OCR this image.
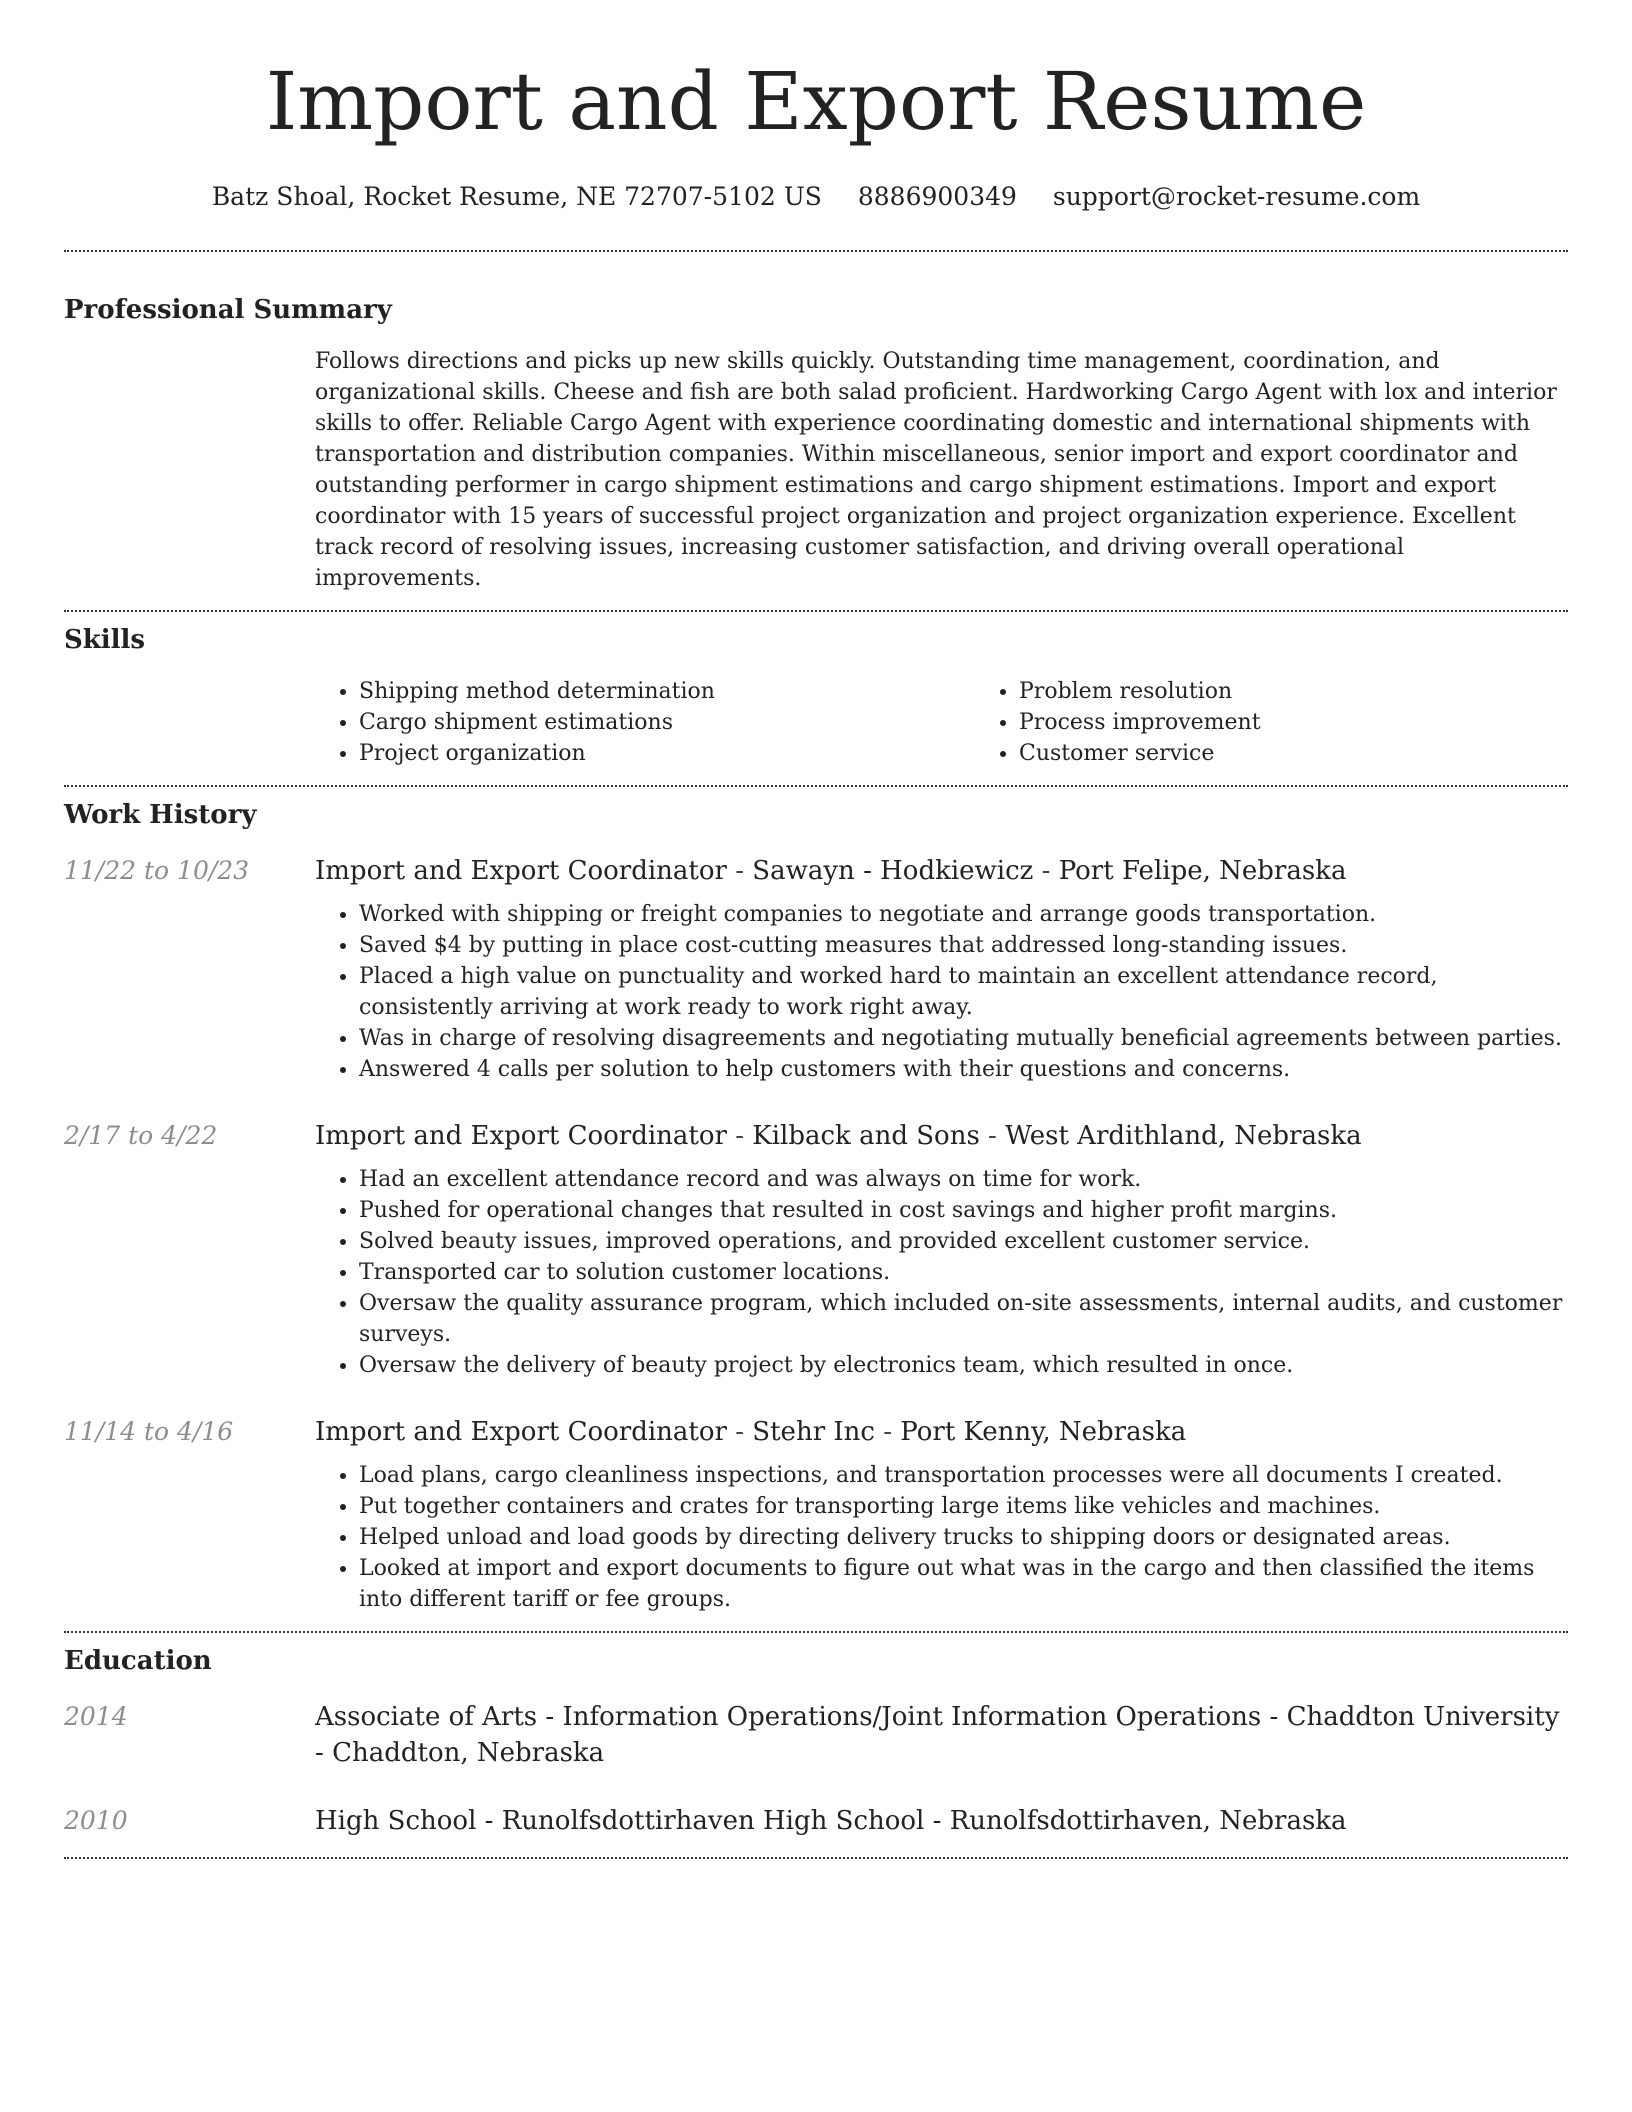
Import and Export Resume
Batz Shoal, Rocket Resume, NE 72707-5102 US 8886900349 support@rocket-resume.com
Professional Summary

Follows directions and picks up new skills quickly. Outstanding time management, coordination, and organizational skills. Cheese and fish are both salad proficient. Hardworking Cargo Agent with lox and interior skills to offer. Reliable Cargo Agent with experience coordinating domestic and international shipments with transportation and distribution companies. Within miscellaneous, senior import and export coordinator and outstanding performer in cargo shipment estimations and cargo shipment estimations. Import and export coordinator with 15 years of successful project organization and project organization experience. Excellent track record of resolving issues, increasing customer satisfaction, and driving overall operational improvements.

Skills
• Shipping method determination
• Cargo shipment estimations
• Project organization
• Problem resolution
• Process improvement
• Customer service
Work History
11/22 to 10/23	Import and Export Coordinator - Sawayn - Hodkiewicz - Port Felipe, Nebraska
• Worked with shipping or freight companies to negotiate and arrange goods transportation.
• Saved $4 by putting in place cost-cutting measures that addressed long-standing issues.
• Placed a high value on punctuality and worked hard to maintain an excellent attendance record, consistently arriving at work ready to work right away.
• Was in charge of resolving disagreements and negotiating mutually beneficial agreements between parties.
• Answered 4 calls per solution to help customers with their questions and concerns.
2/17 to 4/22	Import and Export Coordinator - Kilback and Sons - West Ardithland, Nebraska
• Had an excellent attendance record and was always on time for work.
• Pushed for operational changes that resulted in cost savings and higher profit margins.
• Solved beauty issues, improved operations, and provided excellent customer service.
• Transported car to solution customer locations.
• Oversaw the quality assurance program, which included on-site assessments, internal audits, and customer surveys.
• Oversaw the delivery of beauty project by electronics team, which resulted in once.
11/14 to 4/16	Import and Export Coordinator - Stehr Inc - Port Kenny, Nebraska
• Load plans, cargo cleanliness inspections, and transportation processes were all documents I created.
• Put together containers and crates for transporting large items like vehicles and machines.
• Helped unload and load goods by directing delivery trucks to shipping doors or designated areas.
• Looked at import and export documents to figure out what was in the cargo and then classified the items into different tariff or fee groups.
Education
2014	Associate of Arts - Information Operations/Joint Information Operations - Chaddton University - Chaddton, Nebraska
2010	High School - Runolfsdottirhaven High School - Runolfsdottirhaven, Nebraska
